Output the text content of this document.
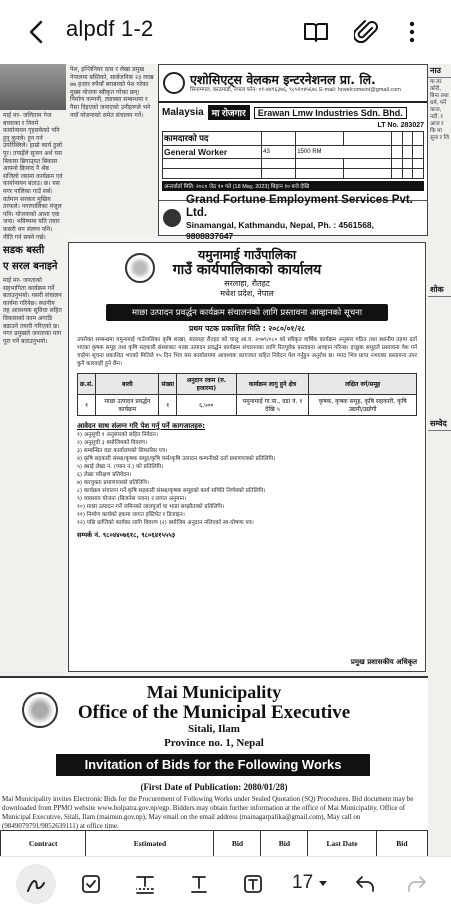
alpdf 1-2
माईं मर- जलिताम गेज बच्याका र नियमे कार्यान्वयन गृहसकेको पनि हुनु कुनले। हुन गर्न उपरिब्लिले। हाम्रो कार्य ठुलो पुर। तपाइँले सुजन अर्थ यस बिकास ब्रिगाउ्यत बिकास आफ्नो क्रियाद नै श्रेष्ठ सजिलो जसमा कार्यक्रम एवं कार्यान्वयन बताउ। छ। यस नगर पालिका गाउँ सर्ब। वर्तमान सरकार मुखिय तरफले। नगरपालिका मंजुल पनि। योजनाको आशा एक जना। भविष्यमा यति तयार कसरी थप संलग्न पनि। नीति गर्न सक्ने गर्छ।
सडक बस्ती
ए सरल बनाइने
माईं मर- जनताको सहभागिता कार्यक्रम गर्ने बताउनुभयो। यसरी संचालन कार्यमा गरिनेछ। स्थानीय तह आवश्यक सुविधा सहित विकासको काम अगाडि बढाउने तयारी गरिएको छ। नगर प्रमुखले जनताका माग पूरा गर्ने बताउनुभयो।
पेश, इन्जिनियर दास र लेखा प्रमुख नेपालमा बस्तिको, सार्बजनिक २३ लाख ७७ हजार रुपैयाँ बराबरको पेश गरेका मुख्य योजना स्वीकृत गरेका छन्। निर्माण कम्पनी, ट्याक्सा सम्बन्धमा र पैसा दिइएको जनाएको उनीहरूले भने नयाँ योजनाको समेत संचालन गर्ने।
एशोसिएट्स वेलकम इन्टरनेशनल प्रा. लि.
सिनामंगल, काठमाडौं, नेपाल फोन: ०१-४४९६३७६, ९८५१०४५६७८ E-mail: hrwelcomeint@gmail.com
Malaysia मा रोजगार	Erawan Lmw Industries Sdn. Bhd.
LT No. 283027
कामदारको पद						
General Worker	43	1500 RM				

अन्तर्वार्ता मिति: २०८० जेठ १० गते (18 May, 2023) बिहान १० बजे देखि
Grand Fortune Employment Services Pvt. Ltd.
Sinamangal, Kathmandu, Nepal, Ph. : 4561568, 9808837647
यमुनामाई गाउँपालिका
गाउँ कार्यपालिकाको कार्यालय
सरलाहा, रौतहट
मधेश प्रदेश, नेपाल
माछा उत्पादन प्रवर्द्धन कार्यक्रम संचालनको लागि प्रस्तावना आव्हानको सूचना
प्रथम पटक प्रकाशित मिति : २०८०/०१/२८
उपरोक्त सम्बन्धमा यमुनामाई गाउँपालिका कृषि शाखा, सरलाहा रौतहट को चालु आ.व. २०७९/०८० को स्वीकृत वार्षिक कार्यक्रम अनुसार गठित तथा स्थानीय तहमा दर्ता भएका कृषक समूह तथा कृषि सहकारी संस्थाबाट माछा उत्पादन प्रवर्द्धन कार्यक्रम संचालनका लागि रितपूर्वक प्रस्तावना आव्हान गरिन्छ। इच्छुक समूहले प्रस्तावना पेश गर्न चाहेमा सूचना प्रकाशित भएको मितिले १५ दिन भित्र यस कार्यालयमा आवश्यक कागजात सहित निवेदन पेश गर्नुहुन अनुरोध छ। म्याद भित्र प्राप्त नभएका प्रस्तावना उपर कुनै कारवाही हुने छैन।
क्र.सं.	बाली	संख्या	अनुदान रकम (रु. हजारमा)	कार्यक्रम लागु हुने क्षेत्र	लक्षित वर्ग/समूह
१	माछा उत्पादन प्रवर्द्धन कार्यक्रम	१	६,५००	यमुनामाई गा.पा., वडा नं. १ देखि ५	कृषक, कृषक समूह, कृषि सहकारी, कृषि उद्यमी/उद्योगी
आवेदन साथ संलग्न गरि पेश गर्नु पर्ने कागजातहरु:
१) अनुसूची १ अनुसारको सहित निवेदन।
२) अनुसूची ३ बमोजिमको विवरण।
३) सम्बन्धित वडा कार्यालयको सिफारिस पत्र।
४) कृषि सहकारी संस्था/कृषक समूह/कृषि फर्म/कृषि उत्पादन कम्पनीको दर्ता प्रमाणपत्रको प्रतिलिपि।
५) स्थाई लेखा नं. (प्यान नं.) को प्रतिलिपि।
६) लेखा परिक्षण प्रतिवेदन।
७) करचुक्ता प्रमाणपत्रको प्रतिलिपि।
८) कार्यक्रम संचालन गर्ने कृषि सहकारी संस्था/कृषक समूहको कार्य समिति निर्णयको प्रतिलिपि।
९) व्यवसाय योजना (बिजनेस प्लान) र लागत अनुमान।
१०) माछा उत्पादन गर्ने जमिनको लालपुर्जा वा भाडा सम्झौताको प्रतिलिपि।
११) निर्माण कार्यको हकमा लागत इस्टिमेट र डिजाइन।
१२) पछि प्राप्तिको कार्यका लागि विवरण (२) बमोजिम अनुदान नलिएको स्व-घोषणा पत्र।
सम्पर्क नं. ९८०४४०७६१८, ९८०६४१५५५३
प्रमुख प्रशासकीय अधिकृत
नाउ
मा तर कोरी, बिना तथा धर्म, पर्ने काज, नदी, र आज र कि मा सुना र जि
शोक
सम्वेद
Mai Municipality
Office of the Municipal Executive
Sitali, Ilam
Province no. 1, Nepal
Invitation of Bids for the Following Works
(First Date of Publication: 2080/01/28)
Mai Municipality invites Electronic Bids for the Procurement of Following Works under Sealed Quotation (SQ) Procedures. Bid document may be downloaded from PPMO website www.bolpatra.gov.np/egp. Bidders may obtain further information at the office of Mai Municipality, Office of Municipal Executive, Sitali, Ilam (maimun.gov.np), May email on the email address (mainagarpalika@gmail.com), May call on (9849079791/9852639111) at office time.
Contract	Estimated	Bid	Bid	Last Date	Bid
17
